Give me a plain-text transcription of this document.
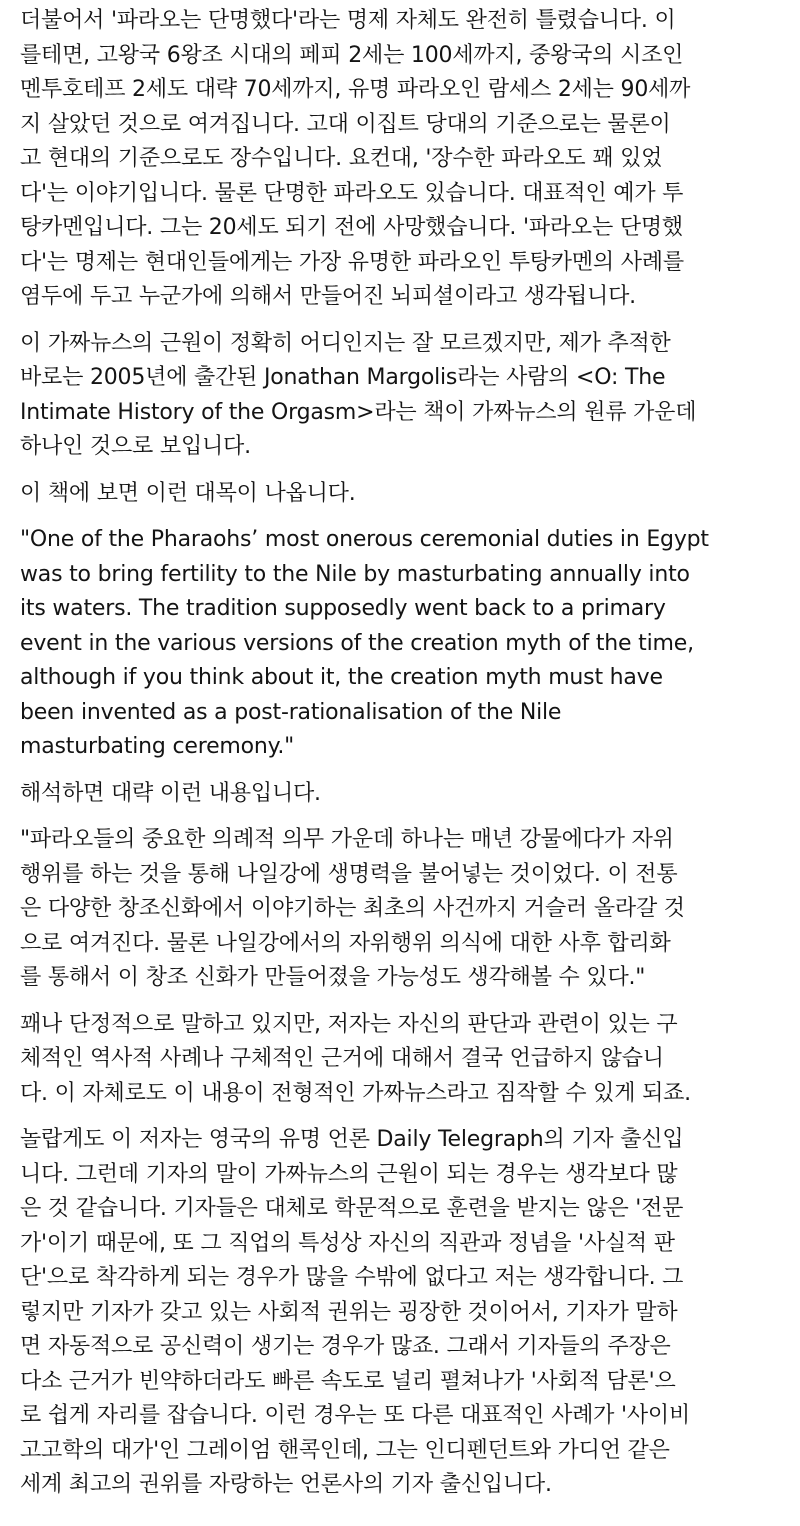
더불어서 '파라오는 단명했다'라는 명제 자체도 완전히 틀렸습니다. 이
를테면, 고왕국 6왕조 시대의 페피 2세는 100세까지, 중왕국의 시조인
멘투호테프 2세도 대략 70세까지, 유명 파라오인 람세스 2세는 90세까
지 살았던 것으로 여겨집니다. 고대 이집트 당대의 기준으로는 물론이
고 현대의 기준으로도 장수입니다. 요컨대, '장수한 파라오도 꽤 있었
다'는 이야기입니다. 물론 단명한 파라오도 있습니다. 대표적인 예가 투
탕카멘입니다. 그는 20세도 되기 전에 사망했습니다. '파라오는 단명했
다'는 명제는 현대인들에게는 가장 유명한 파라오인 투탕카멘의 사례를
염두에 두고 누군가에 의해서 만들어진 뇌피셜이라고 생각됩니다.

이 가짜뉴스의 근원이 정확히 어디인지는 잘 모르겠지만, 제가 추적한
바로는 2005년에 출간된 Jonathan Margolis라는 사람의 <O: The
Intimate History of the Orgasm>라는 책이 가짜뉴스의 원류 가운데
하나인 것으로 보입니다.

이 책에 보면 이런 대목이 나옵니다.

"One of the Pharaohs’ most onerous ceremonial duties in Egypt
was to bring fertility to the Nile by masturbating annually into
its waters. The tradition supposedly went back to a primary
event in the various versions of the creation myth of the time,
although if you think about it, the creation myth must have
been invented as a post-rationalisation of the Nile
masturbating ceremony."

해석하면 대략 이런 내용입니다.

"파라오들의 중요한 의례적 의무 가운데 하나는 매년 강물에다가 자위
행위를 하는 것을 통해 나일강에 생명력을 불어넣는 것이었다. 이 전통
은 다양한 창조신화에서 이야기하는 최초의 사건까지 거슬러 올라갈 것
으로 여겨진다. 물론 나일강에서의 자위행위 의식에 대한 사후 합리화
를 통해서 이 창조 신화가 만들어졌을 가능성도 생각해볼 수 있다."

꽤나 단정적으로 말하고 있지만, 저자는 자신의 판단과 관련이 있는 구
체적인 역사적 사례나 구체적인 근거에 대해서 결국 언급하지 않습니
다. 이 자체로도 이 내용이 전형적인 가짜뉴스라고 짐작할 수 있게 되죠.

놀랍게도 이 저자는 영국의 유명 언론 Daily Telegraph의 기자 출신입
니다. 그런데 기자의 말이 가짜뉴스의 근원이 되는 경우는 생각보다 많
은 것 같습니다. 기자들은 대체로 학문적으로 훈련을 받지는 않은 '전문
가'이기 때문에, 또 그 직업의 특성상 자신의 직관과 정념을 '사실적 판
단'으로 착각하게 되는 경우가 많을 수밖에 없다고 저는 생각합니다. 그
렇지만 기자가 갖고 있는 사회적 권위는 굉장한 것이어서, 기자가 말하
면 자동적으로 공신력이 생기는 경우가 많죠. 그래서 기자들의 주장은
다소 근거가 빈약하더라도 빠른 속도로 널리 펼쳐나가 '사회적 담론'으
로 쉽게 자리를 잡습니다. 이런 경우는 또 다른 대표적인 사례가 '사이비
고고학의 대가'인 그레이엄 핸콕인데, 그는 인디펜던트와 가디언 같은
세계 최고의 권위를 자랑하는 언론사의 기자 출신입니다.
